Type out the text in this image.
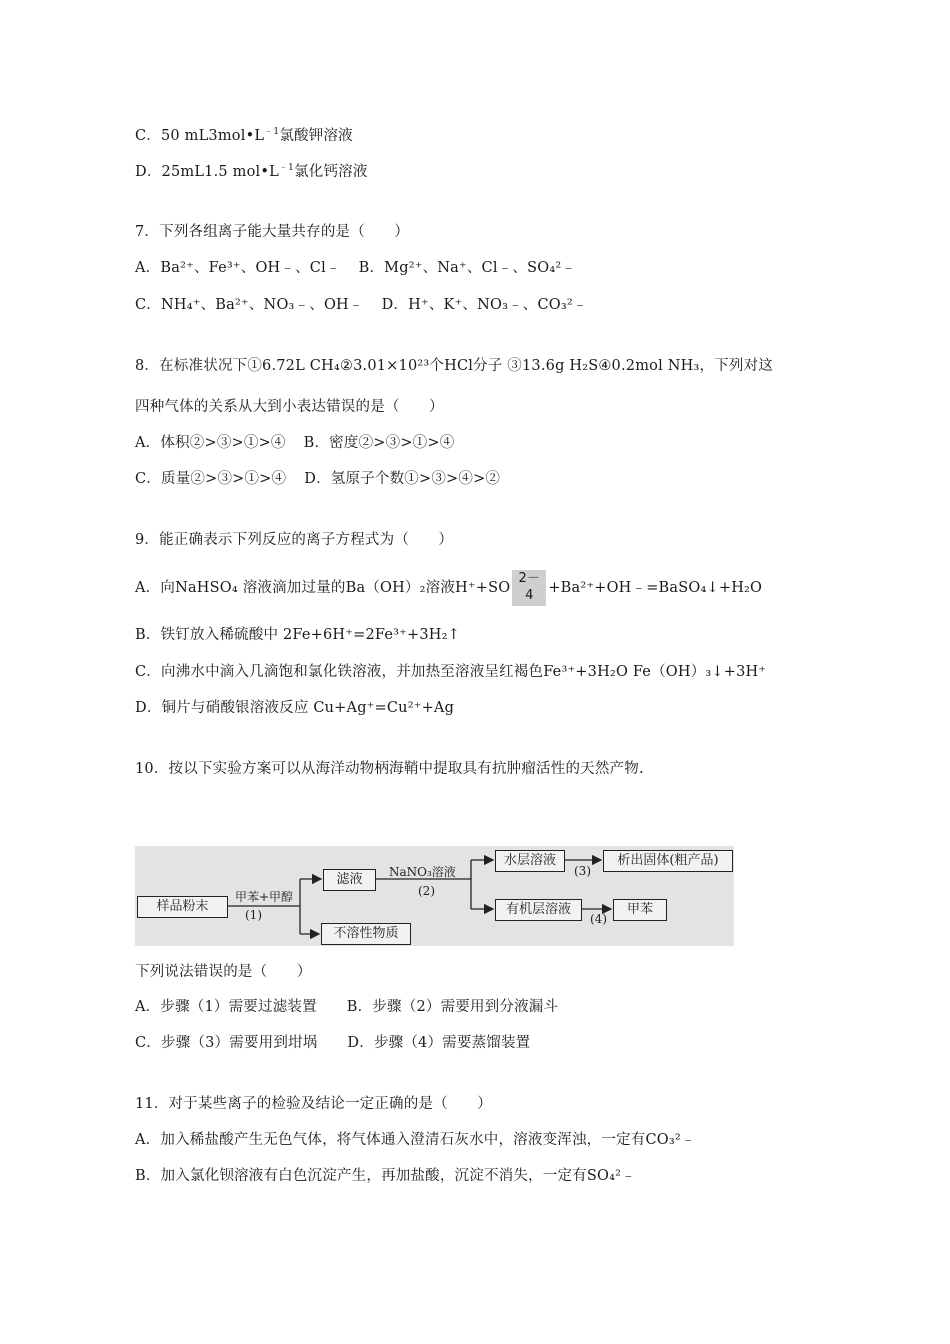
C．50 $mL3mol•L^{﹣1}$氯酸钾溶液
D．25mL1.5 $mol•L^{﹣1}$氯化钙溶液
7．下列各组离子能大量共存的是（　　）
A．Ba²⁺、Fe³⁺、OH﹣、Cl﹣ B．Mg²⁺、Na⁺、Cl﹣、SO₄²﹣
C．NH₄⁺、Ba²⁺、NO₃﹣、OH﹣ D．H⁺、K⁺、NO₃﹣、CO₃²﹣
8．在标准状况下①6.72L CH₄②3.01×10²³个HCl分子 ③13.6g H₂S④0.2mol NH₃，下列对这
四种气体的关系从大到小表达错误的是（　　）
A．体积②>③>①>④ B．密度②>③>①>④
C．质量②>③>①>④ D．氢原子个数①>③>④>②
9．能正确表示下列反应的离子方程式为（　　）
A．向NaHSO₄ 溶液滴加过量的Ba（OH）₂溶液H⁺+SO
2－
4	+Ba²⁺+OH﹣=BaSO₄↓+H₂O
B．铁钉放入稀硫酸中 2Fe+6H⁺=2Fe³⁺+3H₂↑
C．向沸水中滴入几滴饱和氯化铁溶液，并加热至溶液呈红褐色Fe³⁺+3H₂O Fe（OH）₃↓+3H⁺
D．铜片与硝酸银溶液反应 Cu+Ag⁺=Cu²⁺+Ag
10．按以下实验方案可以从海洋动物柄海鞘中提取具有抗肿瘤活性的天然产物.
样品粉末
甲苯+甲醇
(1)
滤液	NaNO₃溶液
(2)
不溶性物质
水层溶液
(3)
析出固体(粗产品)
有机层溶液
(4)
甲苯
下列说法错误的是（　　）
A．步骤（1）需要过滤装置 B．步骤（2）需要用到分液漏斗
C．步骤（3）需要用到坩埚 D．步骤（4）需要蒸馏装置
11．对于某些离子的检验及结论一定正确的是（　　）
A．加入稀盐酸产生无色气体，将气体通入澄清石灰水中，溶液变浑浊，一定有CO₃²﹣
B．加入氯化钡溶液有白色沉淀产生，再加盐酸，沉淀不消失，一定有SO₄²﹣
